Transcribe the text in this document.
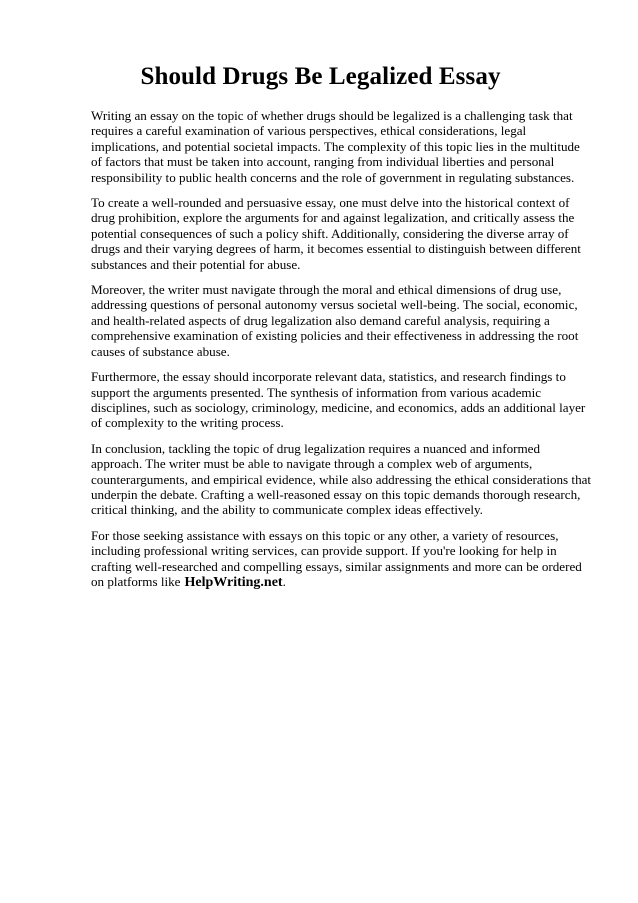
Should Drugs Be Legalized Essay

Writing an essay on the topic of whether drugs should be legalized is a challenging task that requires a careful examination of various perspectives, ethical considerations, legal implications, and potential societal impacts. The complexity of this topic lies in the multitude of factors that must be taken into account, ranging from individual liberties and personal responsibility to public health concerns and the role of government in regulating substances.

To create a well-rounded and persuasive essay, one must delve into the historical context of drug prohibition, explore the arguments for and against legalization, and critically assess the potential consequences of such a policy shift. Additionally, considering the diverse array of drugs and their varying degrees of harm, it becomes essential to distinguish between different substances and their potential for abuse.

Moreover, the writer must navigate through the moral and ethical dimensions of drug use, addressing questions of personal autonomy versus societal well-being. The social, economic, and health-related aspects of drug legalization also demand careful analysis, requiring a comprehensive examination of existing policies and their effectiveness in addressing the root causes of substance abuse.

Furthermore, the essay should incorporate relevant data, statistics, and research findings to support the arguments presented. The synthesis of information from various academic disciplines, such as sociology, criminology, medicine, and economics, adds an additional layer of complexity to the writing process.

In conclusion, tackling the topic of drug legalization requires a nuanced and informed approach. The writer must be able to navigate through a complex web of arguments, counterarguments, and empirical evidence, while also addressing the ethical considerations that underpin the debate. Crafting a well-reasoned essay on this topic demands thorough research, critical thinking, and the ability to communicate complex ideas effectively.

For those seeking assistance with essays on this topic or any other, a variety of resources, including professional writing services, can provide support. If you're looking for help in crafting well-researched and compelling essays, similar assignments and more can be ordered on platforms like HelpWriting.net.
